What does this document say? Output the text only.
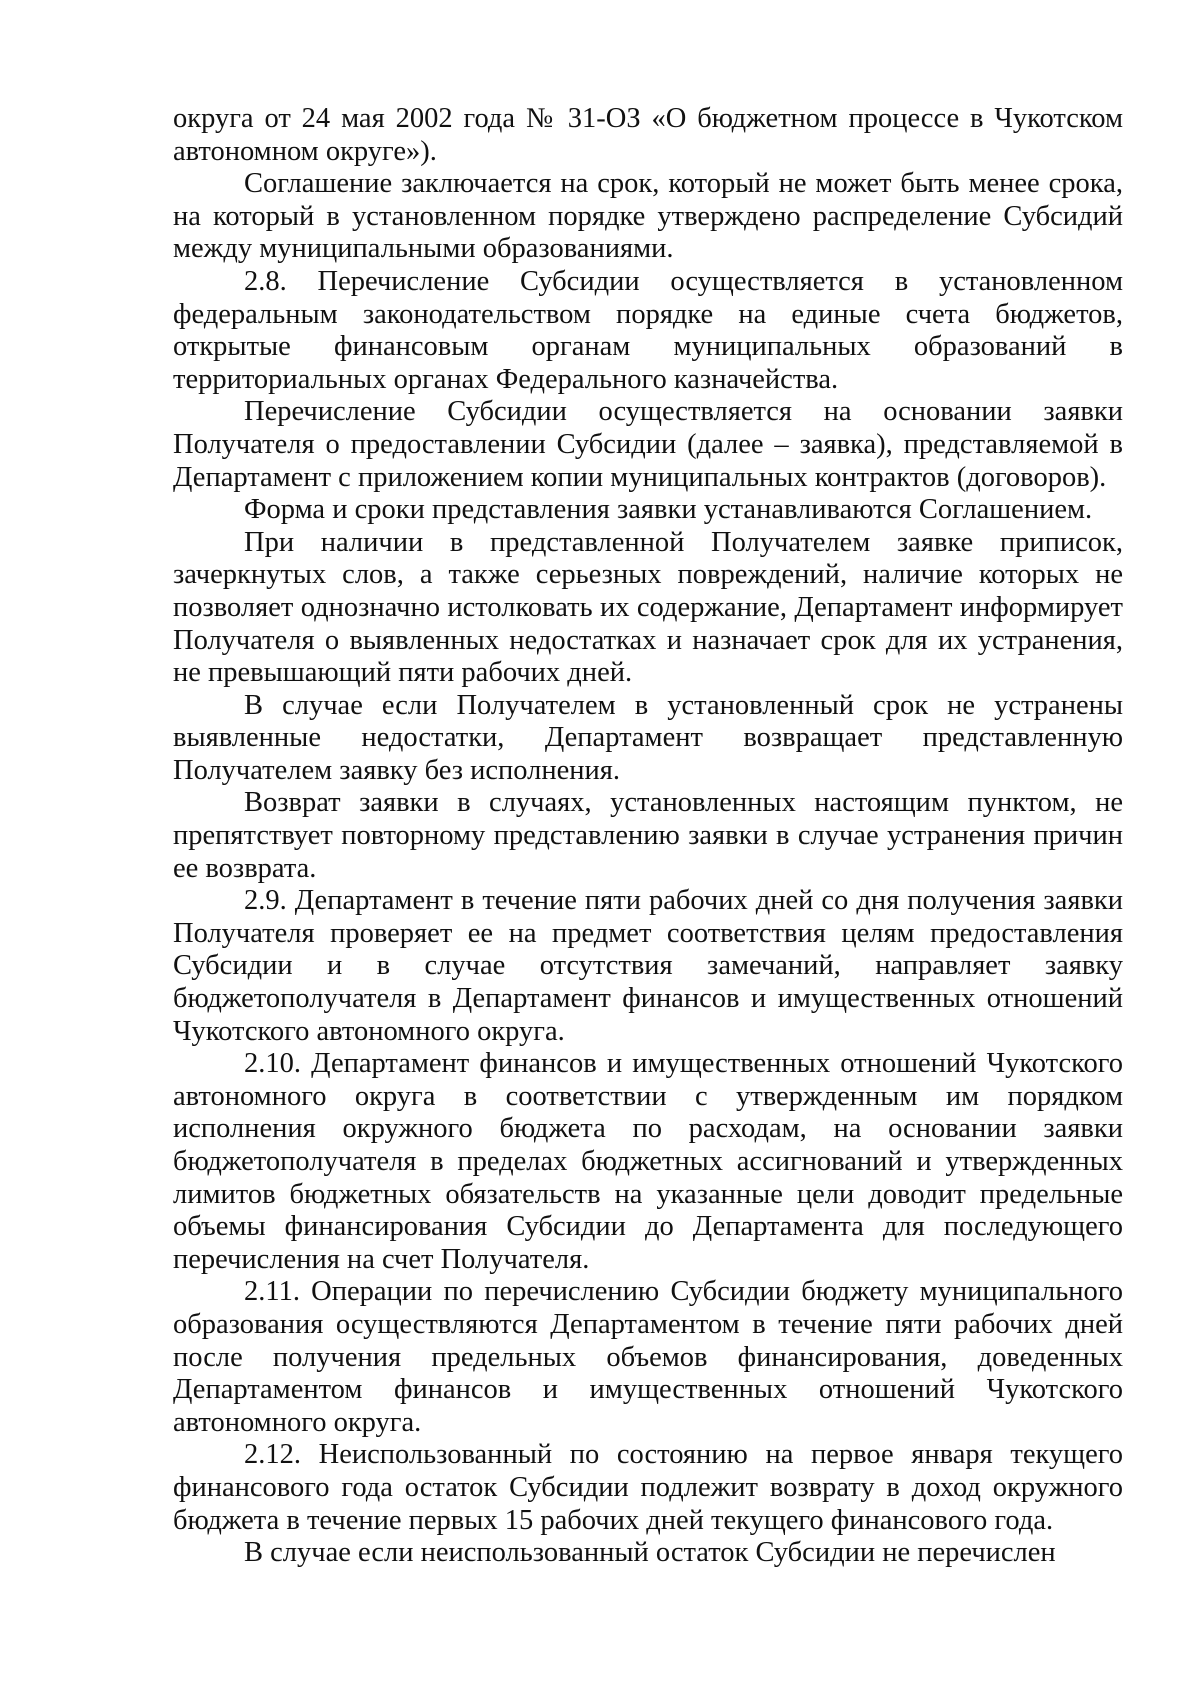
округа от 24 мая 2002 года № 31-ОЗ «О бюджетном процессе в Чукотском автономном округе»).

Соглашение заключается на срок, который не может быть менее срока, на который в установленном порядке утверждено распределение Субсидий между муниципальными образованиями.

2.8. Перечисление Субсидии осуществляется в установленном федеральным законодательством порядке на единые счета бюджетов, открытые финансовым органам муниципальных образований в территориальных органах Федерального казначейства.

Перечисление Субсидии осуществляется на основании заявки Получателя о предоставлении Субсидии (далее – заявка), представляемой в Департамент с приложением копии муниципальных контрактов (договоров).

Форма и сроки представления заявки устанавливаются Соглашением.

При наличии в представленной Получателем заявке приписок, зачеркнутых слов, а также серьезных повреждений, наличие которых не позволяет однозначно истолковать их содержание, Департамент информирует Получателя о выявленных недостатках и назначает срок для их устранения, не превышающий пяти рабочих дней.

В случае если Получателем в установленный срок не устранены выявленные недостатки, Департамент возвращает представленную Получателем заявку без исполнения.

Возврат заявки в случаях, установленных настоящим пунктом, не препятствует повторному представлению заявки в случае устранения причин ее возврата.

2.9. Департамент в течение пяти рабочих дней со дня получения заявки Получателя проверяет ее на предмет соответствия целям предоставления Субсидии и в случае отсутствия замечаний, направляет заявку бюджетополучателя в Департамент финансов и имущественных отношений Чукотского автономного округа.

2.10. Департамент финансов и имущественных отношений Чукотского автономного округа в соответствии с утвержденным им порядком исполнения окружного бюджета по расходам, на основании заявки бюджетополучателя в пределах бюджетных ассигнований и утвержденных лимитов бюджетных обязательств на указанные цели доводит предельные объемы финансирования Субсидии до Департамента для последующего перечисления на счет Получателя.

2.11. Операции по перечислению Субсидии бюджету муниципального образования осуществляются Департаментом в течение пяти рабочих дней после получения предельных объемов финансирования, доведенных Департаментом финансов и имущественных отношений Чукотского автономного округа.

2.12. Неиспользованный по состоянию на первое января текущего финансового года остаток Субсидии подлежит возврату в доход окружного бюджета в течение первых 15 рабочих дней текущего финансового года.

В случае если неиспользованный остаток Субсидии не перечислен
